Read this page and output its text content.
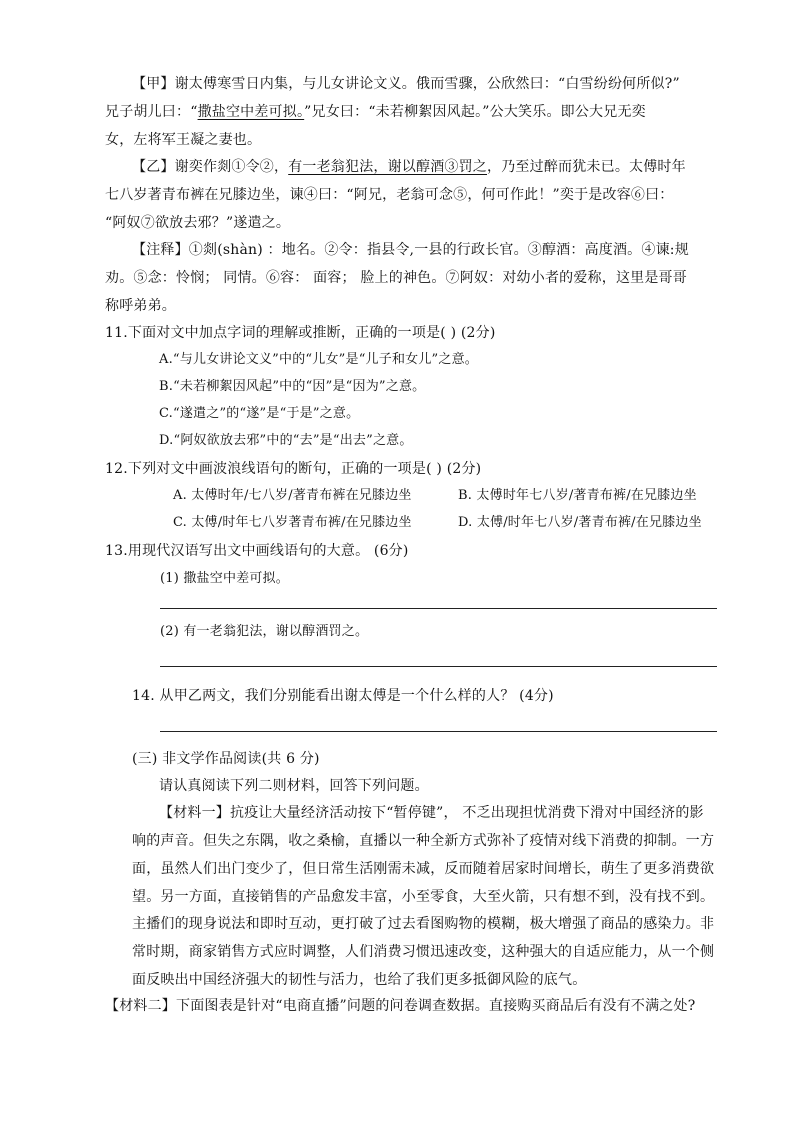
【甲】谢太傅寒雪日内集，与儿女讲论文义。俄而雪骤，公欣然曰：“白雪纷纷何所似?”
兄子胡儿曰：“撒盐空中差可拟。”兄女曰：“未若柳絮因风起。”公大笑乐。即公大兄无奕
女，左将军王凝之妻也。
【乙】谢奕作剡①令②，有一老翁犯法，谢以醇酒③罚之，乃至过醉而犹未已。太傅时年
七八岁著青布裤在兄膝边坐，谏④曰：“阿兄，老翁可念⑤，何可作此！”奕于是改容⑥曰：
“阿奴⑦欲放去邪？”遂遣之。
【注释】①剡(shàn) ：地名。②令：指县令,一县的行政长官。③醇酒：高度酒。④谏:规
劝。⑤念：怜悯； 同情。⑥容： 面容； 脸上的神色。⑦阿奴：对幼小者的爱称，这里是哥哥
称呼弟弟。
11.下面对文中加点字词的理解或推断，正确的一项是( ) (2分)
A.“与儿女讲论文义”中的“儿女”是“儿子和女儿”之意。
B.“未若柳絮因风起”中的“因”是“因为”之意。
C.“遂遣之”的“遂”是“于是”之意。
D.“阿奴欲放去邪”中的“去”是“出去”之意。
12.下列对文中画波浪线语句的断句，正确的一项是( ) (2分)
A. 太傅时年/七八岁/著青布裤在兄膝边坐	B. 太傅时年七八岁/著青布裤/在兄膝边坐
C. 太傅/时年七八岁著青布裤/在兄膝边坐	D. 太傅/时年七八岁/著青布裤/在兄膝边坐
13.用现代汉语写出文中画线语句的大意。 (6分)
(1) 撒盐空中差可拟。
(2) 有一老翁犯法，谢以醇酒罚之。
14. 从甲乙两文，我们分别能看出谢太傅是一个什么样的人？ (4分)
(三) 非文学作品阅读(共 6 分)
请认真阅读下列二则材料，回答下列问题。
【材料一】抗疫让大量经济活动按下“暂停键”， 不乏出现担忧消费下滑对中国经济的影
响的声音。但失之东隅，收之桑榆，直播以一种全新方式弥补了疫情对线下消费的抑制。一方
面，虽然人们出门变少了，但日常生活刚需未减，反而随着居家时间增长，萌生了更多消费欲
望。另一方面，直接销售的产品愈发丰富，小至零食，大至火箭，只有想不到，没有找不到。
主播们的现身说法和即时互动，更打破了过去看图购物的模糊，极大增强了商品的感染力。非
常时期，商家销售方式应时调整，人们消费习惯迅速改变，这种强大的自适应能力，从一个侧
面反映出中国经济强大的韧性与活力，也给了我们更多抵御风险的底气。
【材料二】下面图表是针对“电商直播”问题的问卷调查数据。直接购买商品后有没有不满之处?
